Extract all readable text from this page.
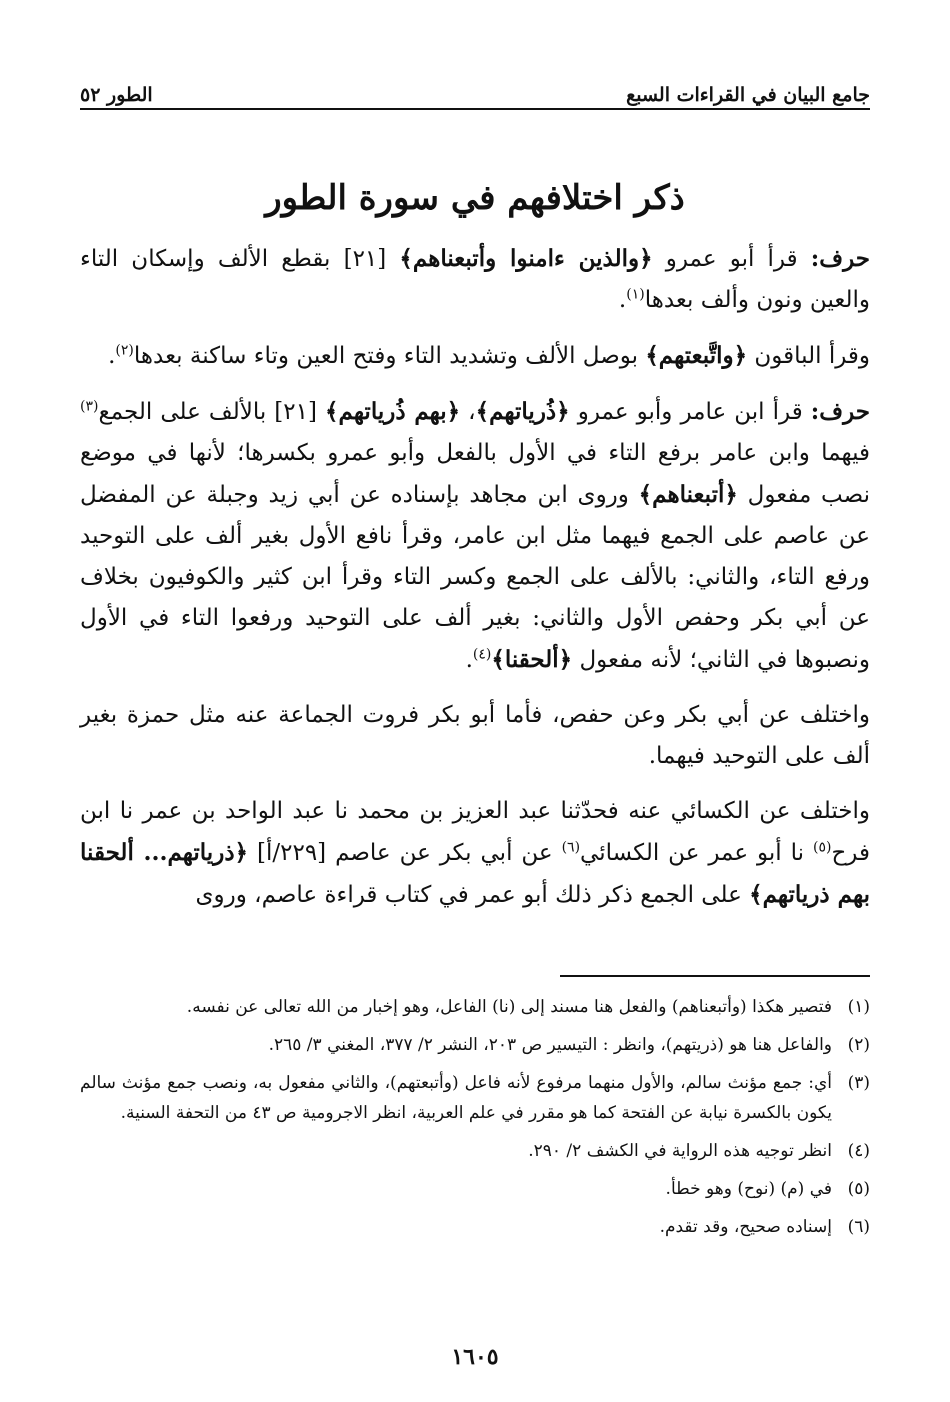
جامع البيان في القراءات السبع
الطور ٥٢
ذكر اختلافهم في سورة الطور

حرف: قرأ أبو عمرو ﴿والذين ءامنوا وأتبعناهم﴾ [٢١] بقطع الألف وإسكان التاء والعين ونون وألف بعدها$^{(١)}$.

وقرأ الباقون ﴿واتَّبعتهم﴾ بوصل الألف وتشديد التاء وفتح العين وتاء ساكنة بعدها$^{(٢)}$.

حرف: قرأ ابن عامر وأبو عمرو ﴿ذُرياتهم﴾، ﴿بهم ذُرياتهم﴾ [٢١] بالألف على الجمع$^{(٣)}$ فيهما وابن عامر برفع التاء في الأول بالفعل وأبو عمرو بكسرها؛ لأنها في موضع نصب مفعول ﴿أتبعناهم﴾ وروى ابن مجاهد بإسناده عن أبي زيد وجبلة عن المفضل عن عاصم على الجمع فيهما مثل ابن عامر، وقرأ نافع الأول بغير ألف على التوحيد ورفع التاء، والثاني: بالألف على الجمع وكسر التاء وقرأ ابن كثير والكوفيون بخلاف عن أبي بكر وحفص الأول والثاني: بغير ألف على التوحيد ورفعوا التاء في الأول ونصبوها في الثاني؛ لأنه مفعول ﴿ألحقنا﴾$^{(٤)}$.

واختلف عن أبي بكر وعن حفص، فأما أبو بكر فروت الجماعة عنه مثل حمزة بغير ألف على التوحيد فيهما.

واختلف عن الكسائي عنه فحدّثنا عبد العزيز بن محمد نا عبد الواحد بن عمر نا ابن فرح$^{(٥)}$ نا أبو عمر عن الكسائي$^{(٦)}$ عن أبي بكر عن عاصم [٢٢٩/أ] ﴿ذرياتهم... ألحقنا بهم ذرياتهم﴾ على الجمع ذكر ذلك أبو عمر في كتاب قراءة عاصم، وروى

(١)فتصير هكذا (وأتبعناهم) والفعل هنا مسند إلى (نا) الفاعل، وهو إخبار من الله تعالى عن نفسه.

(٢)والفاعل هنا هو (ذريتهم)، وانظر : التيسير ص ٢٠٣، النشر ٢/ ٣٧٧، المغني ٣/ ٢٦٥.

(٣)أي: جمع مؤنث سالم، والأول منهما مرفوع لأنه فاعل (وأتبعتهم)، والثاني مفعول به، ونصب جمع مؤنث سالم يكون بالكسرة نيابة عن الفتحة كما هو مقرر في علم العربية، انظر الاجرومية ص ٤٣ من التحفة السنية.

(٤)انظر توجيه هذه الرواية في الكشف ٢/ ٢٩٠.

(٥)في (م) (نوح) وهو خطأ.

(٦)إسناده صحيح، وقد تقدم.

١٦٠٥
